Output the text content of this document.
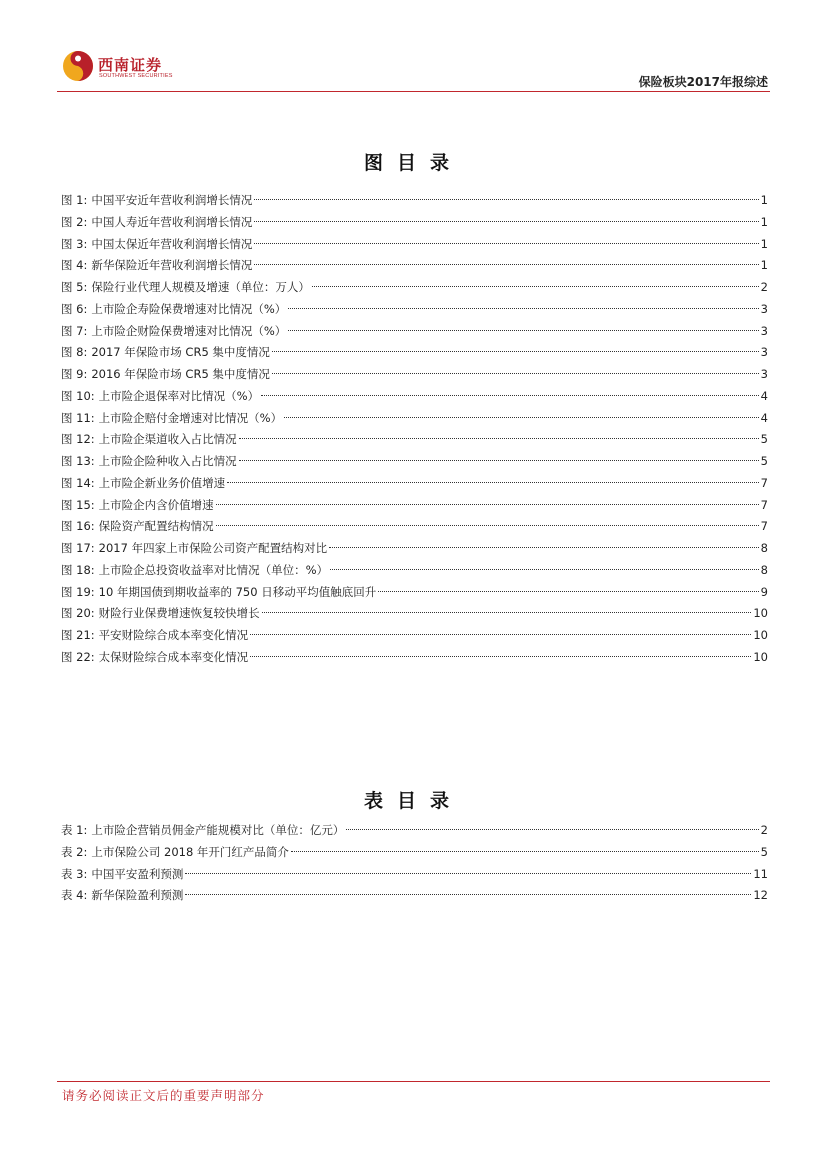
西南证券
SOUTHWEST SECURITIES	保险板块2017年报综述
图目录
图 1: 中国平安近年营收利润增长情况	1
图 2: 中国人寿近年营收利润增长情况	1
图 3: 中国太保近年营收利润增长情况	1
图 4: 新华保险近年营收利润增长情况	1
图 5: 保险行业代理人规模及增速（单位：万人）	2
图 6: 上市险企寿险保费增速对比情况（%）	3
图 7: 上市险企财险保费增速对比情况（%）	3
图 8: 2017 年保险市场 CR5 集中度情况	3
图 9: 2016 年保险市场 CR5 集中度情况	3
图 10: 上市险企退保率对比情况（%）	4
图 11: 上市险企赔付金增速对比情况（%）	4
图 12: 上市险企渠道收入占比情况	5
图 13: 上市险企险种收入占比情况	5
图 14: 上市险企新业务价值增速	7
图 15: 上市险企内含价值增速	7
图 16: 保险资产配置结构情况	7
图 17: 2017 年四家上市保险公司资产配置结构对比	8
图 18: 上市险企总投资收益率对比情况（单位：%）	8
图 19: 10 年期国债到期收益率的 750 日移动平均值触底回升	9
图 20: 财险行业保费增速恢复较快增长	10
图 21: 平安财险综合成本率变化情况	10
图 22: 太保财险综合成本率变化情况	10
表目录
表 1: 上市险企营销员佣金产能规模对比（单位：亿元）	2
表 2: 上市保险公司 2018 年开门红产品简介	5
表 3: 中国平安盈利预测	11
表 4: 新华保险盈利预测	12
请务必阅读正文后的重要声明部分
